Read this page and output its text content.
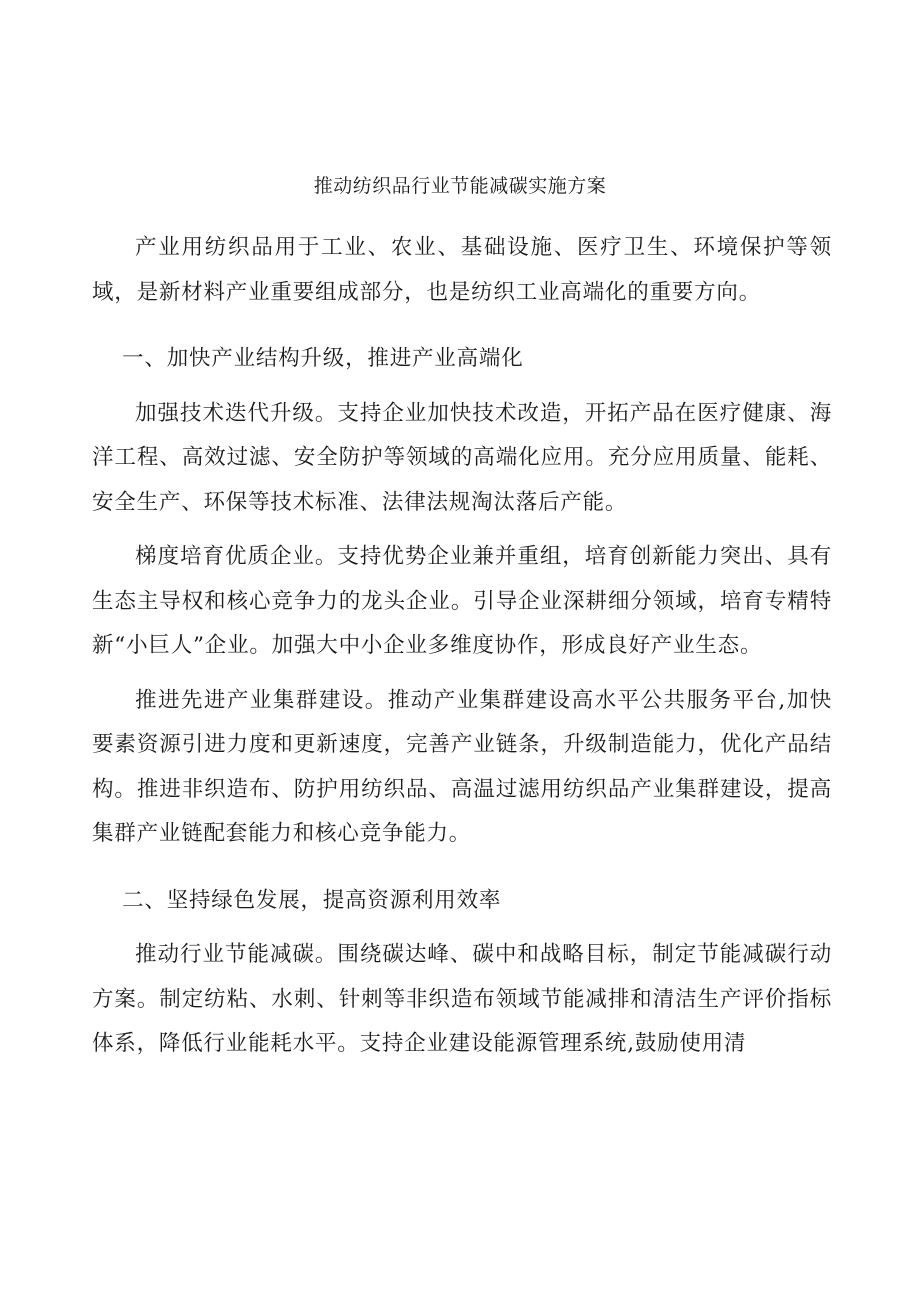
推动纺织品行业节能减碳实施方案

产业用纺织品用于工业、农业、基础设施、医疗卫生、环境保护等领域，是新材料产业重要组成部分，也是纺织工业高端化的重要方向。

一、加快产业结构升级，推进产业高端化

加强技术迭代升级。支持企业加快技术改造，开拓产品在医疗健康、海洋工程、高效过滤、安全防护等领域的高端化应用。充分应用质量、能耗、安全生产、环保等技术标准、法律法规淘汰落后产能。

梯度培育优质企业。支持优势企业兼并重组，培育创新能力突出、具有生态主导权和核心竞争力的龙头企业。引导企业深耕细分领域，培育专精特新“小巨人”企业。加强大中小企业多维度协作，形成良好产业生态。

推进先进产业集群建设。推动产业集群建设高水平公共服务平台,加快要素资源引进力度和更新速度，完善产业链条，升级制造能力，优化产品结构。推进非织造布、防护用纺织品、高温过滤用纺织品产业集群建设，提高集群产业链配套能力和核心竞争能力。

二、坚持绿色发展，提高资源利用效率

推动行业节能减碳。围绕碳达峰、碳中和战略目标，制定节能减碳行动方案。制定纺粘、水刺、针刺等非织造布领域节能减排和清洁生产评价指标体系，降低行业能耗水平。支持企业建设能源管理系统,鼓励使用清
